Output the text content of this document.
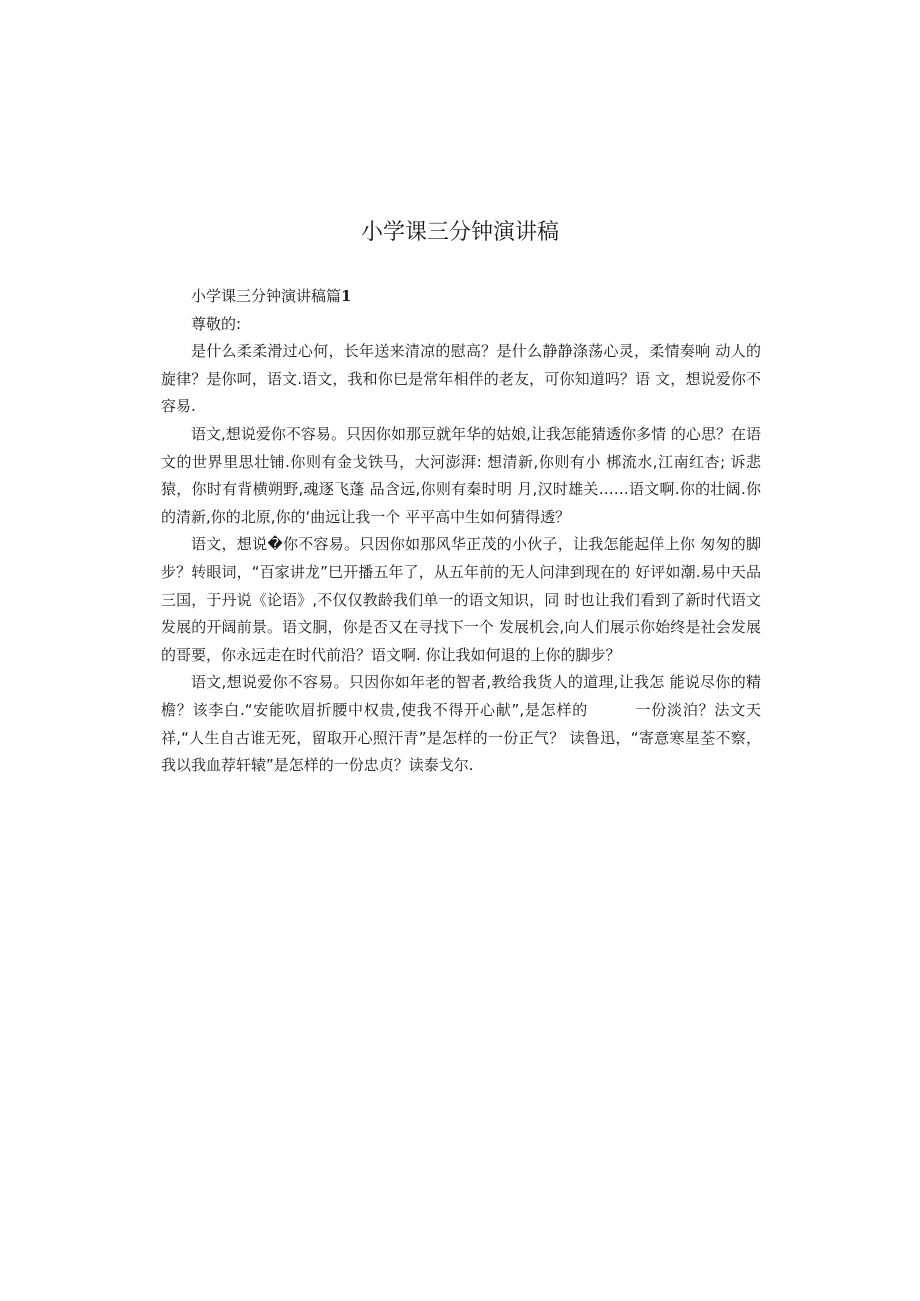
小学课三分钟演讲稿

小学课三分钟演讲稿篇1

尊敬的:

是什么柔柔滑过心何，长年送来清凉的慰高？是什么静静涤荡心灵，柔情奏响 动人的旋律？是你呵，语文.语文，我和你巳是常年相伴的老友，可你知道吗？语 文，想说爱你不容易.

语文,想说爱你不容易。只因你如那豆就年华的姑娘,让我怎能猜透你多情 的心思？在语文的世界里思壮铺.你则有金戈铁马，大河澎湃: 想清新,你则有小 梆流水,江南红杏; 诉悲猿，你时有背横朔野,魂逐飞蓬 品含远,你则有秦时明 月,汉时雄关……语文啊.你的壮阔.你的清新,你的北原,你的‘曲远让我一个 平平高中生如何猜得透？

语文，想说�你不容易。只因你如那风华正茂的小伙子，让我怎能起佯上你 匆匆的脚步？转眼词，“百家讲龙”巳开播五年了，从五年前的无人问津到现在的 好评如潮.易中天品三国，于丹说《论语》,不仅仅教龄我们单一的语文知识，同 时也让我们看到了新时代语文发展的开阔前景。语文胴，你是否又在寻找下一个 发展机会,向人们展示你始终是社会发展的哥要，你永远走在时代前沿？语文啊. 你让我如何退的上你的脚步？

语文,想说爱你不容易。只因你如年老的智者,教给我货人的道理,让我怎 能说尽你的精檐？该李白.“安能吹眉折腰中权贵,使我不得开心献”,是怎样的　　　一份淡泊？法文天祥,“人生自古谁无死，留取开心照汗青”是怎样的一份正气？ 读鲁迅，“寄意寒星荃不察，我以我血荐轩辕”是怎样的一份忠贞？读泰戈尔.
